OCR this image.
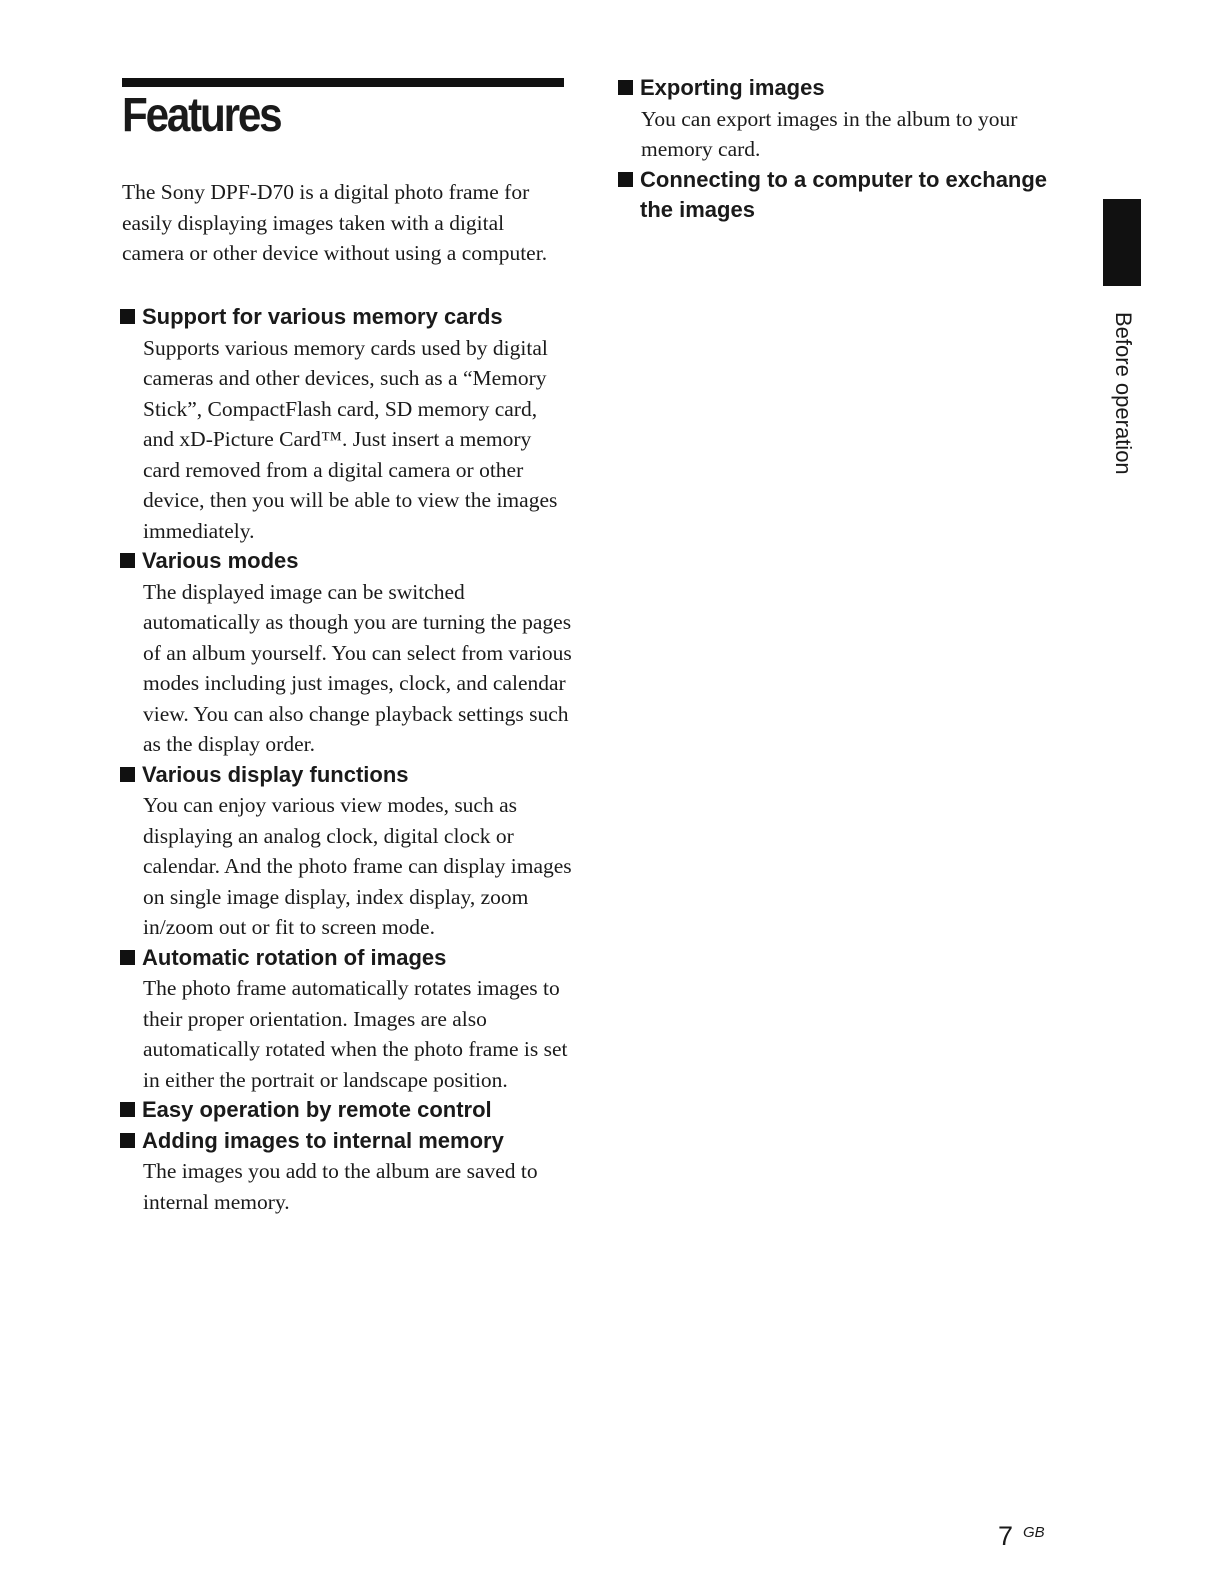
Features

The Sony DPF-D70 is a digital photo frame for easily displaying images taken with a digital camera or other device without using a computer.

Support for various memory cards

Supports various memory cards used by digital cameras and other devices, such as a “Memory Stick”, CompactFlash card, SD memory card, and xD-Picture Card™. Just insert a memory card removed from a digital camera or other device, then you will be able to view the images immediately.

Various modes

The displayed image can be switched automatically as though you are turning the pages of an album yourself. You can select from various modes including just images, clock, and calendar view. You can also change playback settings such as the display order.

Various display functions

You can enjoy various view modes, such as displaying an analog clock, digital clock or calendar. And the photo frame can display images on single image display, index display, zoom in/zoom out or fit to screen mode.

Automatic rotation of images

The photo frame automatically rotates images to their proper orientation. Images are also automatically rotated when the photo frame is set in either the portrait or landscape position.

Easy operation by remote control
Adding images to internal memory

The images you add to the album are saved to internal memory.

Exporting images

You can export images in the album to your memory card.

Connecting to a computer to exchange the images
Before operation
7 GB
